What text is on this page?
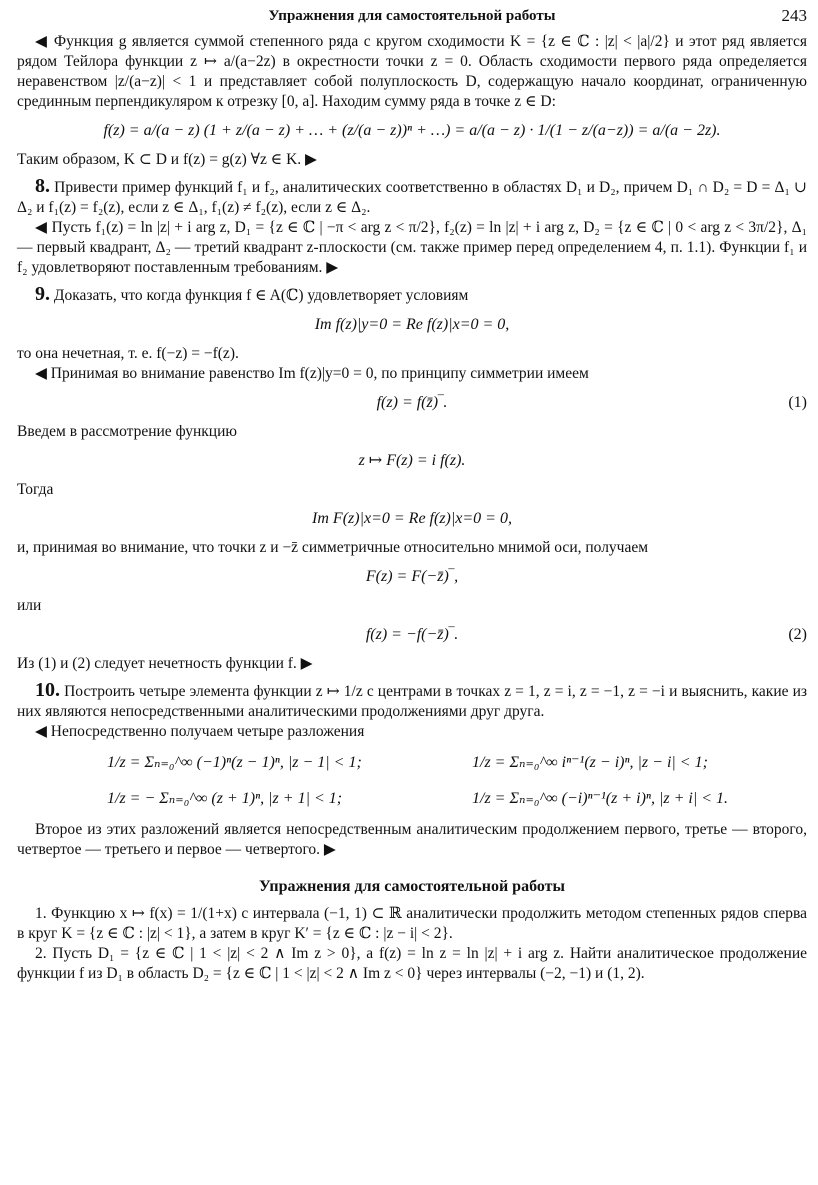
Упражнения для самостоятельной работы	243

◀ Функция g является суммой степенного ряда с кругом сходимости K = {z ∈ ℂ : |z| < |a|/2} и этот ряд является рядом Тейлора функции z ↦ a/(a−2z) в окрестности точки z = 0. Область сходимости первого ряда определяется неравенством |z/(a−z)| < 1 и представляет собой полуплоскость D, содержащую начало координат, ограниченную срединным перпендикуляром к отрезку [0, a]. Находим сумму ряда в точке z ∈ D:

f(z) = a/(a − z) (1 + z/(a − z) + … + (z/(a − z))ⁿ + …) = a/(a − z) · 1/(1 − z/(a−z)) = a/(a − 2z).

Таким образом, K ⊂ D и f(z) = g(z) ∀z ∈ K. ▶

8. Привести пример функций f₁ и f₂, аналитических соответственно в областях D₁ и D₂, причем D₁ ∩ D₂ = D = Δ₁ ∪ Δ₂ и f₁(z) = f₂(z), если z ∈ Δ₁, f₁(z) ≠ f₂(z), если z ∈ Δ₂.

◀ Пусть f₁(z) = ln |z| + i arg z, D₁ = {z ∈ ℂ | −π < arg z < π/2}, f₂(z) = ln |z| + i arg z, D₂ = {z ∈ ℂ | 0 < arg z < 3π/2}, Δ₁ — первый квадрант, Δ₂ — третий квадрант z-плоскости (см. также пример перед определением 4, п. 1.1). Функции f₁ и f₂ удовлетворяют поставленным требованиям. ▶

9. Доказать, что когда функция f ∈ A(ℂ) удовлетворяет условиям

Im f(z)|y=0 = Re f(z)|x=0 = 0,

то она нечетная, т. е. f(−z) = −f(z).

◀ Принимая во внимание равенство Im f(z)|y=0 = 0, по принципу симметрии имеем

f(z) = f(z̄)‾.	(1)

Введем в рассмотрение функцию

z ↦ F(z) = i f(z).

Тогда

Im F(z)|x=0 = Re f(z)|x=0 = 0,

и, принимая во внимание, что точки z и −z̄ симметричные относительно мнимой оси, получаем

F(z) = F(−z̄)‾,

или

f(z) = −f(−z̄)‾.	(2)

Из (1) и (2) следует нечетность функции f. ▶

10. Построить четыре элемента функции z ↦ 1/z с центрами в точках z = 1, z = i, z = −1, z = −i и выяснить, какие из них являются непосредственными аналитическими продолжениями друг друга.

◀ Непосредственно получаем четыре разложения

1/z = Σₙ₌₀^∞ (−1)ⁿ(z − 1)ⁿ, |z − 1| < 1;	1/z = Σₙ₌₀^∞ iⁿ⁻¹(z − i)ⁿ, |z − i| < 1;
1/z = − Σₙ₌₀^∞ (z + 1)ⁿ, |z + 1| < 1;	1/z = Σₙ₌₀^∞ (−i)ⁿ⁻¹(z + i)ⁿ, |z + i| < 1.

Второе из этих разложений является непосредственным аналитическим продолжением первого, третье — второго, четвертое — третьего и первое — четвертого. ▶

Упражнения для самостоятельной работы

1. Функцию x ↦ f(x) = 1/(1+x) с интервала (−1, 1) ⊂ ℝ аналитически продолжить методом степенных рядов сперва в круг K = {z ∈ ℂ : |z| < 1}, а затем в круг K′ = {z ∈ ℂ : |z − i| < 2}.

2. Пусть D₁ = {z ∈ ℂ | 1 < |z| < 2 ∧ Im z > 0}, а f(z) = ln z = ln |z| + i arg z. Найти аналитическое продолжение функции f из D₁ в область D₂ = {z ∈ ℂ | 1 < |z| < 2 ∧ Im z < 0} через интервалы (−2, −1) и (1, 2).
